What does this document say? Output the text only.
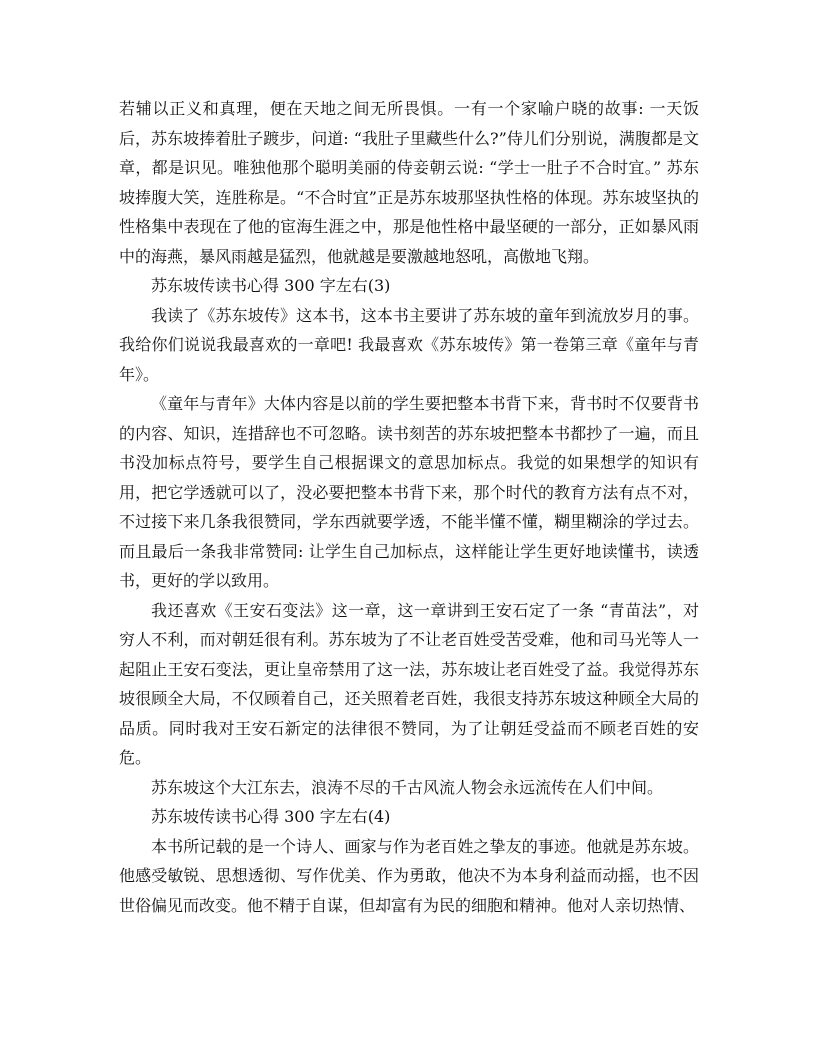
若辅以正义和真理，便在天地之间无所畏惧。一有一个家喻户晓的故事: 一天饭后，苏东坡捧着肚子踱步，问道: “我肚子里藏些什么?”侍儿们分别说，满腹都是文章，都是识见。唯独他那个聪明美丽的侍妾朝云说: “学士一肚子不合时宜。” 苏东坡捧腹大笑，连胜称是。“不合时宜”正是苏东坡那坚执性格的体现。苏东坡坚执的性格集中表现在了他的宦海生涯之中，那是他性格中最坚硬的一部分，正如暴风雨中的海燕，暴风雨越是猛烈，他就越是要激越地怒吼，高傲地飞翔。

苏东坡传读书心得 300 字左右(3)

我读了《苏东坡传》这本书，这本书主要讲了苏东坡的童年到流放岁月的事。我给你们说说我最喜欢的一章吧! 我最喜欢《苏东坡传》第一卷第三章《童年与青年》。

《童年与青年》大体内容是以前的学生要把整本书背下来，背书时不仅要背书的内容、知识，连措辞也不可忽略。读书刻苦的苏东坡把整本书都抄了一遍，而且书没加标点符号，要学生自己根据课文的意思加标点。我觉的如果想学的知识有用，把它学透就可以了，没必要把整本书背下来，那个时代的教育方法有点不对，不过接下来几条我很赞同，学东西就要学透，不能半懂不懂，糊里糊涂的学过去。而且最后一条我非常赞同: 让学生自己加标点，这样能让学生更好地读懂书，读透书，更好的学以致用。

我还喜欢《王安石变法》这一章，这一章讲到王安石定了一条 “青苗法”，对穷人不利，而对朝廷很有利。苏东坡为了不让老百姓受苦受难，他和司马光等人一起阻止王安石变法，更让皇帝禁用了这一法，苏东坡让老百姓受了益。我觉得苏东坡很顾全大局，不仅顾着自己，还关照着老百姓，我很支持苏东坡这种顾全大局的品质。同时我对王安石新定的法律很不赞同，为了让朝廷受益而不顾老百姓的安危。

苏东坡这个大江东去，浪涛不尽的千古风流人物会永远流传在人们中间。

苏东坡传读书心得 300 字左右(4)

本书所记载的是一个诗人、画家与作为老百姓之挚友的事迹。他就是苏东坡。他感受敏锐、思想透彻、写作优美、作为勇敢，他决不为本身利益而动摇，也不因世俗偏见而改变。他不精于自谋，但却富有为民的细胞和精神。他对人亲切热情、
